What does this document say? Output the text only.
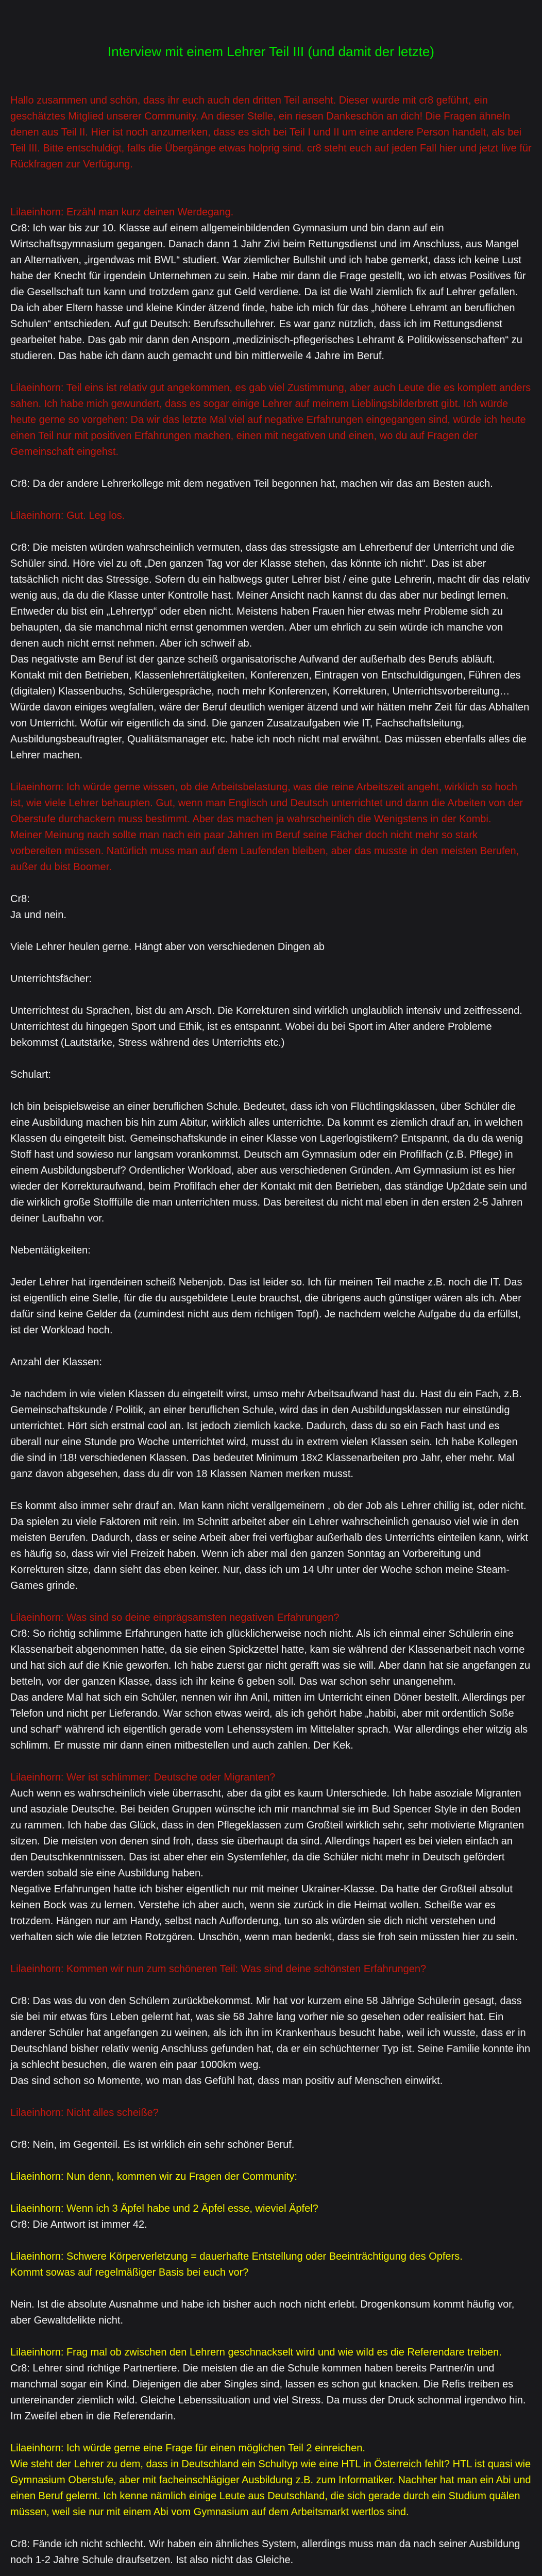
Interview mit einem Lehrer Teil III (und damit der letzte)

Hallo zusammen und schön, dass ihr euch auch den dritten Teil anseht. Dieser wurde mit cr8 geführt, ein geschätztes Mitglied unserer Community. An dieser Stelle, ein riesen Dankeschön an dich! Die Fragen ähneln denen aus Teil II. Hier ist noch anzumerken, dass es sich bei Teil I und II um eine andere Person handelt, als bei Teil III. Bitte entschuldigt, falls die Übergänge etwas holprig sind. cr8 steht euch auf jeden Fall hier und jetzt live für Rückfragen zur Verfügung.

Lilaeinhorn: Erzähl man kurz deinen Werdegang.

Cr8: Ich war bis zur 10. Klasse auf einem allgemeinbildenden Gymnasium und bin dann auf ein Wirtschaftsgymnasium gegangen. Danach dann 1 Jahr Zivi beim Rettungsdienst und im Anschluss, aus Mangel an Alternativen, „irgendwas mit BWL“ studiert. War ziemlicher Bullshit und ich habe gemerkt, dass ich keine Lust habe der Knecht für irgendein Unternehmen zu sein. Habe mir dann die Frage gestellt, wo ich etwas Positives für die Gesellschaft tun kann und trotzdem ganz gut Geld verdiene. Da ist die Wahl ziemlich fix auf Lehrer gefallen. Da ich aber Eltern hasse und kleine Kinder ätzend finde, habe ich mich für das „höhere Lehramt an beruflichen Schulen“ entschieden. Auf gut Deutsch: Berufsschullehrer. Es war ganz nützlich, dass ich im Rettungsdienst gearbeitet habe. Das gab mir dann den Ansporn „medizinisch-pflegerisches Lehramt & Politikwissenschaften“ zu studieren. Das habe ich dann auch gemacht und bin mittlerweile 4 Jahre im Beruf.

Lilaeinhorn: Teil eins ist relativ gut angekommen, es gab viel Zustimmung, aber auch Leute die es komplett anders sahen. Ich habe mich gewundert, dass es sogar einige Lehrer auf meinem Lieblingsbilderbrett gibt. Ich würde heute gerne so vorgehen: Da wir das letzte Mal viel auf negative Erfahrungen eingegangen sind, würde ich heute einen Teil nur mit positiven Erfahrungen machen, einen mit negativen und einen, wo du auf Fragen der Gemeinschaft eingehst.

Cr8: Da der andere Lehrerkollege mit dem negativen Teil begonnen hat, machen wir das am Besten auch.

Lilaeinhorn: Gut. Leg los.

Cr8: Die meisten würden wahrscheinlich vermuten, dass das stressigste am Lehrerberuf der Unterricht und die Schüler sind. Höre viel zu oft „Den ganzen Tag vor der Klasse stehen, das könnte ich nicht“. Das ist aber tatsächlich nicht das Stressige. Sofern du ein halbwegs guter Lehrer bist / eine gute Lehrerin, macht dir das relativ wenig aus, da du die Klasse unter Kontrolle hast. Meiner Ansicht nach kannst du das aber nur bedingt lernen. Entweder du bist ein „Lehrertyp“ oder eben nicht. Meistens haben Frauen hier etwas mehr Probleme sich zu behaupten, da sie manchmal nicht ernst genommen werden. Aber um ehrlich zu sein würde ich manche von denen auch nicht ernst nehmen. Aber ich schweif ab.

Das negativste am Beruf ist der ganze scheiß organisatorische Aufwand der außerhalb des Berufs abläuft. Kontakt mit den Betrieben, Klassenlehrertätigkeiten, Konferenzen, Eintragen von Entschuldigungen, Führen des (digitalen) Klassenbuchs, Schülergespräche, noch mehr Konferenzen, Korrekturen, Unterrichtsvorbereitung… Würde davon einiges wegfallen, wäre der Beruf deutlich weniger ätzend und wir hätten mehr Zeit für das Abhalten von Unterricht. Wofür wir eigentlich da sind. Die ganzen Zusatzaufgaben wie IT, Fachschaftsleitung, Ausbildungsbeauftragter, Qualitätsmanager etc. habe ich noch nicht mal erwähnt. Das müssen ebenfalls alles die Lehrer machen.

Lilaeinhorn: Ich würde gerne wissen, ob die Arbeitsbelastung, was die reine Arbeitszeit angeht, wirklich so hoch ist, wie viele Lehrer behaupten. Gut, wenn man Englisch und Deutsch unterrichtet und dann die Arbeiten von der Oberstufe durchackern muss bestimmt. Aber das machen ja wahrscheinlich die Wenigstens in der Kombi.

Meiner Meinung nach sollte man nach ein paar Jahren im Beruf seine Fächer doch nicht mehr so stark vorbereiten müssen. Natürlich muss man auf dem Laufenden bleiben, aber das musste in den meisten Berufen, außer du bist Boomer.

Cr8:

Ja und nein.

Viele Lehrer heulen gerne. Hängt aber von verschiedenen Dingen ab

Unterrichtsfächer:

Unterrichtest du Sprachen, bist du am Arsch. Die Korrekturen sind wirklich unglaublich intensiv und zeitfressend. Unterrichtest du hingegen Sport und Ethik, ist es entspannt. Wobei du bei Sport im Alter andere Probleme bekommst (Lautstärke, Stress während des Unterrichts etc.)

Schulart:

Ich bin beispielsweise an einer beruflichen Schule. Bedeutet, dass ich von Flüchtlingsklassen, über Schüler die eine Ausbildung machen bis hin zum Abitur, wirklich alles unterrichte. Da kommt es ziemlich drauf an, in welchen Klassen du eingeteilt bist. Gemeinschaftskunde in einer Klasse von Lagerlogistikern? Entspannt, da du da wenig Stoff hast und sowieso nur langsam vorankommst. Deutsch am Gymnasium oder ein Profilfach (z.B. Pflege) in einem Ausbildungsberuf? Ordentlicher Workload, aber aus verschiedenen Gründen. Am Gymnasium ist es hier wieder der Korrekturaufwand, beim Profilfach eher der Kontakt mit den Betrieben, das ständige Up2date sein und die wirklich große Stofffülle die man unterrichten muss. Das bereitest du nicht mal eben in den ersten 2-5 Jahren deiner Laufbahn vor.

Nebentätigkeiten:

Jeder Lehrer hat irgendeinen scheiß Nebenjob. Das ist leider so. Ich für meinen Teil mache z.B. noch die IT. Das ist eigentlich eine Stelle, für die du ausgebildete Leute brauchst, die übrigens auch günstiger wären als ich. Aber dafür sind keine Gelder da (zumindest nicht aus dem richtigen Topf). Je nachdem welche Aufgabe du da erfüllst, ist der Workload hoch.

Anzahl der Klassen:

Je nachdem in wie vielen Klassen du eingeteilt wirst, umso mehr Arbeitsaufwand hast du. Hast du ein Fach, z.B. Gemeinschaftskunde / Politik, an einer beruflichen Schule, wird das in den Ausbildungsklassen nur einstündig unterrichtet. Hört sich erstmal cool an. Ist jedoch ziemlich kacke. Dadurch, dass du so ein Fach hast und es überall nur eine Stunde pro Woche unterrichtet wird, musst du in extrem vielen Klassen sein. Ich habe Kollegen die sind in !18! verschiedenen Klassen. Das bedeutet Minimum 18x2 Klassenarbeiten pro Jahr, eher mehr. Mal ganz davon abgesehen, dass du dir von 18 Klassen Namen merken musst.

Es kommt also immer sehr drauf an. Man kann nicht verallgemeinern , ob der Job als Lehrer chillig ist, oder nicht. Da spielen zu viele Faktoren mit rein. Im Schnitt arbeitet aber ein Lehrer wahrscheinlich genauso viel wie in den meisten Berufen. Dadurch, dass er seine Arbeit aber frei verfügbar außerhalb des Unterrichts einteilen kann, wirkt es häufig so, dass wir viel Freizeit haben. Wenn ich aber mal den ganzen Sonntag an Vorbereitung und Korrekturen sitze, dann sieht das eben keiner. Nur, dass ich um 14 Uhr unter der Woche schon meine Steam-Games grinde.

Lilaeinhorn: Was sind so deine einprägsamsten negativen Erfahrungen?

Cr8: So richtig schlimme Erfahrungen hatte ich glücklicherweise noch nicht. Als ich einmal einer Schülerin eine Klassenarbeit abgenommen hatte, da sie einen Spickzettel hatte, kam sie während der Klassenarbeit nach vorne und hat sich auf die Knie geworfen. Ich habe zuerst gar nicht gerafft was sie will. Aber dann hat sie angefangen zu betteln, vor der ganzen Klasse, dass ich ihr keine 6 geben soll. Das war schon sehr unangenehm.

Das andere Mal hat sich ein Schüler, nennen wir ihn Anil, mitten im Unterricht einen Döner bestellt. Allerdings per Telefon und nicht per Lieferando. War schon etwas weird, als ich gehört habe „habibi, aber mit ordentlich Soße und scharf“ während ich eigentlich gerade vom Lehenssystem im Mittelalter sprach. War allerdings eher witzig als schlimm. Er musste mir dann einen mitbestellen und auch zahlen. Der Kek.

Lilaeinhorn: Wer ist schlimmer: Deutsche oder Migranten?

Auch wenn es wahrscheinlich viele überrascht, aber da gibt es kaum Unterschiede. Ich habe asoziale Migranten und asoziale Deutsche. Bei beiden Gruppen wünsche ich mir manchmal sie im Bud Spencer Style in den Boden zu rammen. Ich habe das Glück, dass in den Pflegeklassen zum Großteil wirklich sehr, sehr motivierte Migranten sitzen. Die meisten von denen sind froh, dass sie überhaupt da sind. Allerdings hapert es bei vielen einfach an den Deutschkenntnissen. Das ist aber eher ein Systemfehler, da die Schüler nicht mehr in Deutsch gefördert werden sobald sie eine Ausbildung haben.

Negative Erfahrungen hatte ich bisher eigentlich nur mit meiner Ukrainer-Klasse. Da hatte der Großteil absolut keinen Bock was zu lernen. Verstehe ich aber auch, wenn sie zurück in die Heimat wollen. Scheiße war es trotzdem. Hängen nur am Handy, selbst nach Aufforderung, tun so als würden sie dich nicht verstehen und verhalten sich wie die letzten Rotzgören. Unschön, wenn man bedenkt, dass sie froh sein müssten hier zu sein.

Lilaeinhorn: Kommen wir nun zum schöneren Teil: Was sind deine schönsten Erfahrungen?

Cr8: Das was du von den Schülern zurückbekommst. Mir hat vor kurzem eine 58 Jährige Schülerin gesagt, dass sie bei mir etwas fürs Leben gelernt hat, was sie 58 Jahre lang vorher nie so gesehen oder realisiert hat. Ein anderer Schüler hat angefangen zu weinen, als ich ihn im Krankenhaus besucht habe, weil ich wusste, dass er in Deutschland bisher relativ wenig Anschluss gefunden hat, da er ein schüchterner Typ ist. Seine Familie konnte ihn ja schlecht besuchen, die waren ein paar 1000km weg.

Das sind schon so Momente, wo man das Gefühl hat, dass man positiv auf Menschen einwirkt.

Lilaeinhorn: Nicht alles scheiße?

Cr8: Nein, im Gegenteil. Es ist wirklich ein sehr schöner Beruf.

Lilaeinhorn: Nun denn, kommen wir zu Fragen der Community:

Lilaeinhorn: Wenn ich 3 Äpfel habe und 2 Äpfel esse, wieviel Äpfel?

Cr8: Die Antwort ist immer 42.

Lilaeinhorn: Schwere Körperverletzung = dauerhafte Entstellung oder Beeinträchtigung des Opfers.

Kommt sowas auf regelmäßiger Basis bei euch vor?

Nein. Ist die absolute Ausnahme und habe ich bisher auch noch nicht erlebt. Drogenkonsum kommt häufig vor, aber Gewaltdelikte nicht.

Lilaeinhorn: Frag mal ob zwischen den Lehrern geschnackselt wird und wie wild es die Referendare treiben.

Cr8: Lehrer sind richtige Partnertiere. Die meisten die an die Schule kommen haben bereits Partner/in und manchmal sogar ein Kind. Diejenigen die aber Singles sind, lassen es schon gut knacken. Die Refis treiben es untereinander ziemlich wild. Gleiche Lebenssituation und viel Stress. Da muss der Druck schonmal irgendwo hin. Im Zweifel eben in die Referendarin.

Lilaeinhorn: Ich würde gerne eine Frage für einen möglichen Teil 2 einreichen.

Wie steht der Lehrer zu dem, dass in Deutschland ein Schultyp wie eine HTL in Österreich fehlt? HTL ist quasi wie Gymnasium Oberstufe, aber mit facheinschlägiger Ausbildung z.B. zum Informatiker. Nachher hat man ein Abi und einen Beruf gelernt. Ich kenne nämlich einige Leute aus Deutschland, die sich gerade durch ein Studium quälen müssen, weil sie nur mit einem Abi vom Gymnasium auf dem Arbeitsmarkt wertlos sind.

Cr8: Fände ich nicht schlecht. Wir haben ein ähnliches System, allerdings muss man da nach seiner Ausbildung noch 1-2 Jahre Schule draufsetzen. Ist also nicht das Gleiche.
